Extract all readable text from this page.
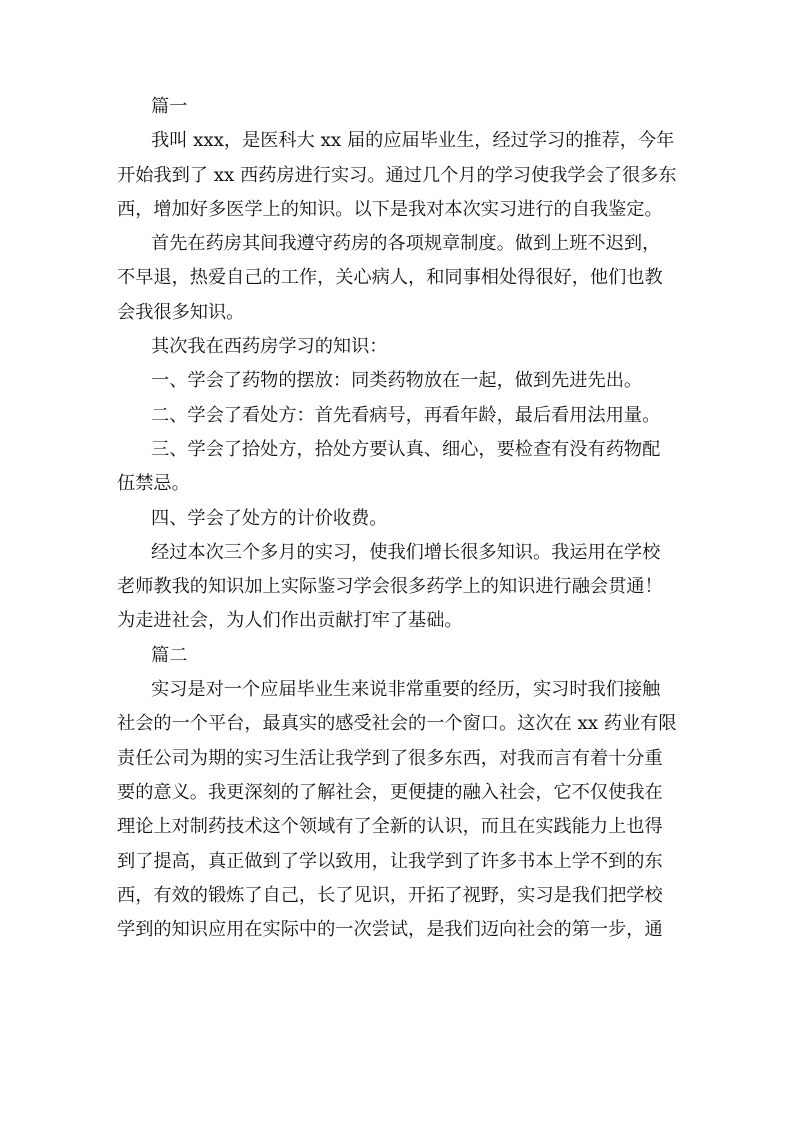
篇一
我叫 xxx，是医科大 xx 届的应届毕业生，经过学习的推荐，今年
开始我到了 xx 西药房进行实习。通过几个月的学习使我学会了很多东
西，增加好多医学上的知识。以下是我对本次实习进行的自我鉴定。
首先在药房其间我遵守药房的各项规章制度。做到上班不迟到，
不早退，热爱自己的工作，关心病人，和同事相处得很好，他们也教
会我很多知识。
其次我在西药房学习的知识：
一、学会了药物的摆放：同类药物放在一起，做到先进先出。
二、学会了看处方：首先看病号，再看年龄，最后看用法用量。
三、学会了拾处方，拾处方要认真、细心，要检查有没有药物配
伍禁忌。
四、学会了处方的计价收费。
经过本次三个多月的实习，使我们增长很多知识。我运用在学校
老师教我的知识加上实际鉴习学会很多药学上的知识进行融会贯通！
为走进社会，为人们作出贡献打牢了基础。
篇二
实习是对一个应届毕业生来说非常重要的经历，实习时我们接触
社会的一个平台，最真实的感受社会的一个窗口。这次在 xx 药业有限
责任公司为期的实习生活让我学到了很多东西，对我而言有着十分重
要的意义。我更深刻的了解社会，更便捷的融入社会，它不仅使我在
理论上对制药技术这个领域有了全新的认识，而且在实践能力上也得
到了提高，真正做到了学以致用，让我学到了许多书本上学不到的东
西，有效的锻炼了自己，长了见识，开拓了视野，实习是我们把学校
学到的知识应用在实际中的一次尝试，是我们迈向社会的第一步，通
